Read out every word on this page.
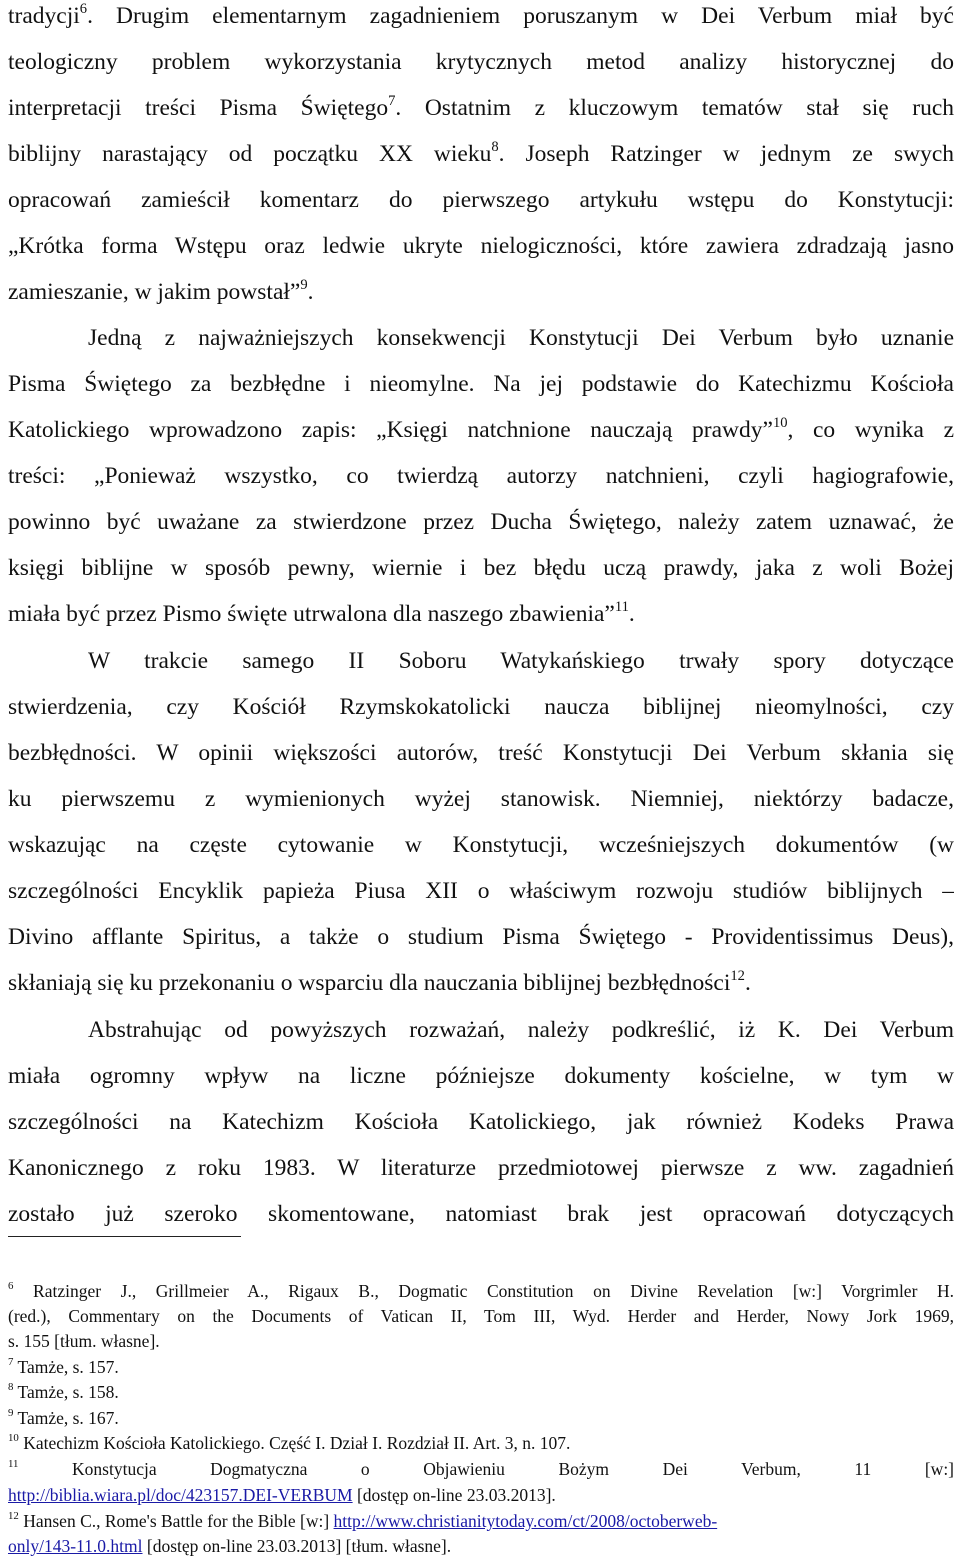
tradycji$^6$. Drugim elementarnym zagadnieniem poruszanym w Dei Verbum miał być
teologiczny problem wykorzystania krytycznych metod analizy historycznej do
interpretacji treści Pisma Świętego$^7$. Ostatnim z kluczowym tematów stał się ruch
biblijny narastający od początku XX wieku$^8$. Joseph Ratzinger w jednym ze swych
opracowań zamieścił komentarz do pierwszego artykułu wstępu do Konstytucji:
„Krótka forma Wstępu oraz ledwie ukryte nielogiczności, które zawiera zdradzają jasno
zamieszanie, w jakim powstał”$^9$.
Jedną z najważniejszych konsekwencji Konstytucji Dei Verbum było uznanie
Pisma Świętego za bezbłędne i nieomylne. Na jej podstawie do Katechizmu Kościoła
Katolickiego wprowadzono zapis: „Księgi natchnione nauczają prawdy”$^{10}$, co wynika z
treści: „Ponieważ wszystko, co twierdzą autorzy natchnieni, czyli hagiografowie,
powinno być uważane za stwierdzone przez Ducha Świętego, należy zatem uznawać, że
księgi biblijne w sposób pewny, wiernie i bez błędu uczą prawdy, jaka z woli Bożej
miała być przez Pismo święte utrwalona dla naszego zbawienia”$^{11}$.
W trakcie samego II Soboru Watykańskiego trwały spory dotyczące
stwierdzenia, czy Kościół Rzymskokatolicki naucza biblijnej nieomylności, czy
bezbłędności. W opinii większości autorów, treść Konstytucji Dei Verbum skłania się
ku pierwszemu z wymienionych wyżej stanowisk. Niemniej, niektórzy badacze,
wskazując na częste cytowanie w Konstytucji, wcześniejszych dokumentów (w
szczególności Encyklik papieża Piusa XII o właściwym rozwoju studiów biblijnych –
Divino afflante Spiritus, a także o studium Pisma Świętego - Providentissimus Deus),
skłaniają się ku przekonaniu o wsparciu dla nauczania biblijnej bezbłędności$^{12}$.
Abstrahując od powyższych rozważań, należy podkreślić, iż K. Dei Verbum
miała ogromny wpływ na liczne późniejsze dokumenty kościelne, w tym w
szczególności na Katechizm Kościoła Katolickiego, jak również Kodeks Prawa
Kanonicznego z roku 1983. W literaturze przedmiotowej pierwsze z ww. zagadnień
zostało już szeroko skomentowane, natomiast brak jest opracowań dotyczących
$^6$ Ratzinger J., Grillmeier A., Rigaux B., Dogmatic Constitution on Divine Revelation [w:] Vorgrimler H.
(red.), Commentary on the Documents of Vatican II, Tom III, Wyd. Herder and Herder, Nowy Jork 1969,
s. 155 [tłum. własne].
$^7$ Tamże, s. 157.
$^8$ Tamże, s. 158.
$^9$ Tamże, s. 167.
$^{10}$ Katechizm Kościoła Katolickiego. Część I. Dział I. Rozdział II. Art. 3, n. 107.
$^{11}$	Konstytucja Dogmatyczna o Objawieniu Bożym Dei Verbum, 11 [w:]
http://biblia.wiara.pl/doc/423157.DEI-VERBUM [dostęp on-line 23.03.2013].
$^{12}$ Hansen C., Rome's Battle for the Bible [w:] http://www.christianitytoday.com/ct/2008/octoberweb-
only/143-11.0.html [dostęp on-line 23.03.2013] [tłum. własne].
